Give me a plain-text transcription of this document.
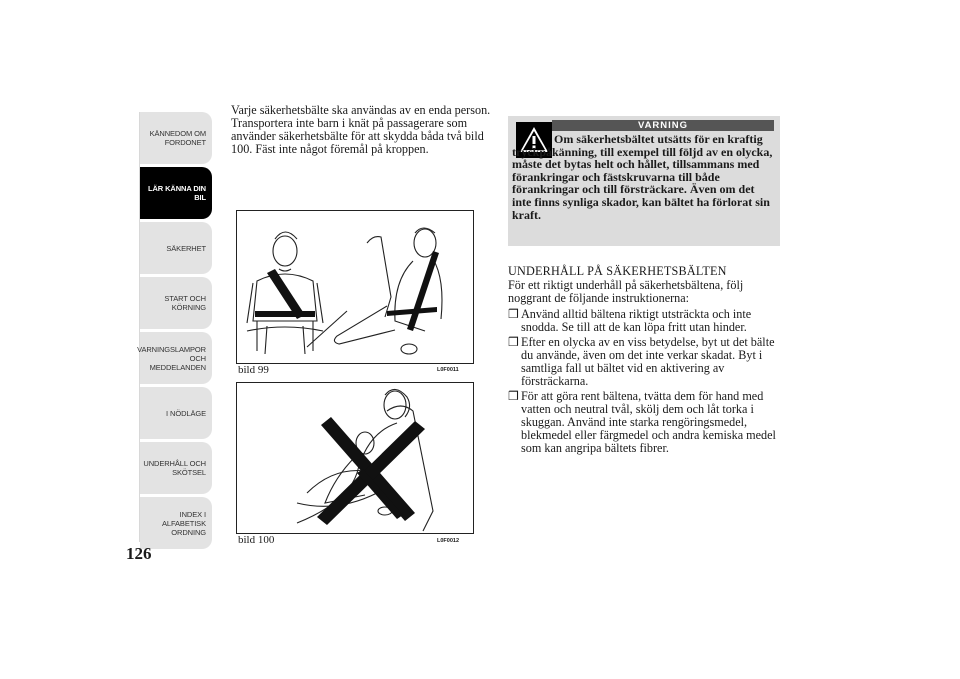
KÄNNEDOM OM
FORDONET
LÄR KÄNNA DIN
BIL
SÄKERHET
START OCH
KÖRNING
VARNINGSLAMPOR
OCH
MEDDELANDEN
I NÖDLÄGE
UNDERHÅLL OCH
SKÖTSEL
INDEX I
ALFABETISK
ORDNING
126

Varje säkerhetsbälte ska användas av en enda person. Transportera inte barn i knät på passagerare som använder säkerhetsbälte för att skydda båda två bild 100. Fäst inte något föremål på kroppen.

bild 99	L0F0011
bild 100	L0F0012
VARNING

Om säkerhetsbältet utsätts för en kraftig tryckpåkänning, till exempel till följd av en olycka, måste det bytas helt och hållet, tillsammans med förankringar och fästskruvarna till både förankringar och till försträckare. Även om det inte finns synliga skador, kan bältet ha förlorat sin kraft.

UNDERHÅLL PÅ SÄKERHETSBÄLTEN

För ett riktigt underhåll på säkerhetsbältena, följ noggrant de följande instruktionerna:

❒ Använd alltid bältena riktigt utsträckta och inte snodda. Se till att de kan löpa fritt utan hinder.
❒ Efter en olycka av en viss betydelse, byt ut det bälte du använde, även om det inte verkar skadat. Byt i samtliga fall ut bältet vid en aktivering av försträckarna.
❒ För att göra rent bältena, tvätta dem för hand med vatten och neutral tvål, skölj dem och låt torka i skuggan. Använd inte starka rengöringsmedel, blekmedel eller färgmedel och andra kemiska medel som kan angripa bältets fibrer.
